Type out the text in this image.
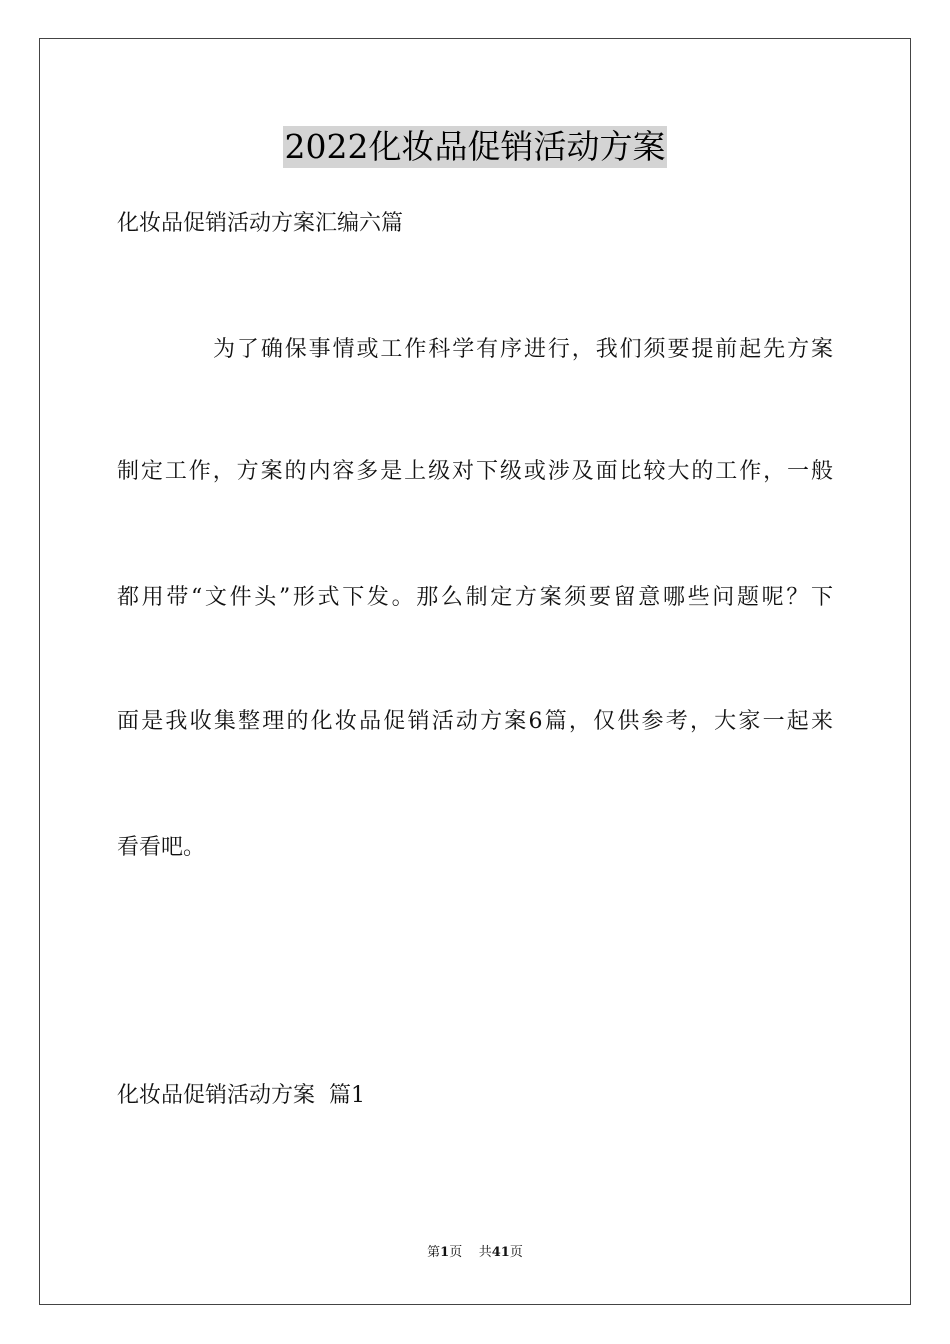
2022化妆品促销活动方案
化妆品促销活动方案汇编六篇
为了确保事情或工作科学有序进行，我们须要提前起先方案
制定工作，方案的内容多是上级对下级或涉及面比较大的工作，一般
都用带“文件头”形式下发。那么制定方案须要留意哪些问题呢？下
面是我收集整理的化妆品促销活动方案6篇，仅供参考，大家一起来
看看吧。
化妆品促销活动方案  篇1
第1页 共41页
